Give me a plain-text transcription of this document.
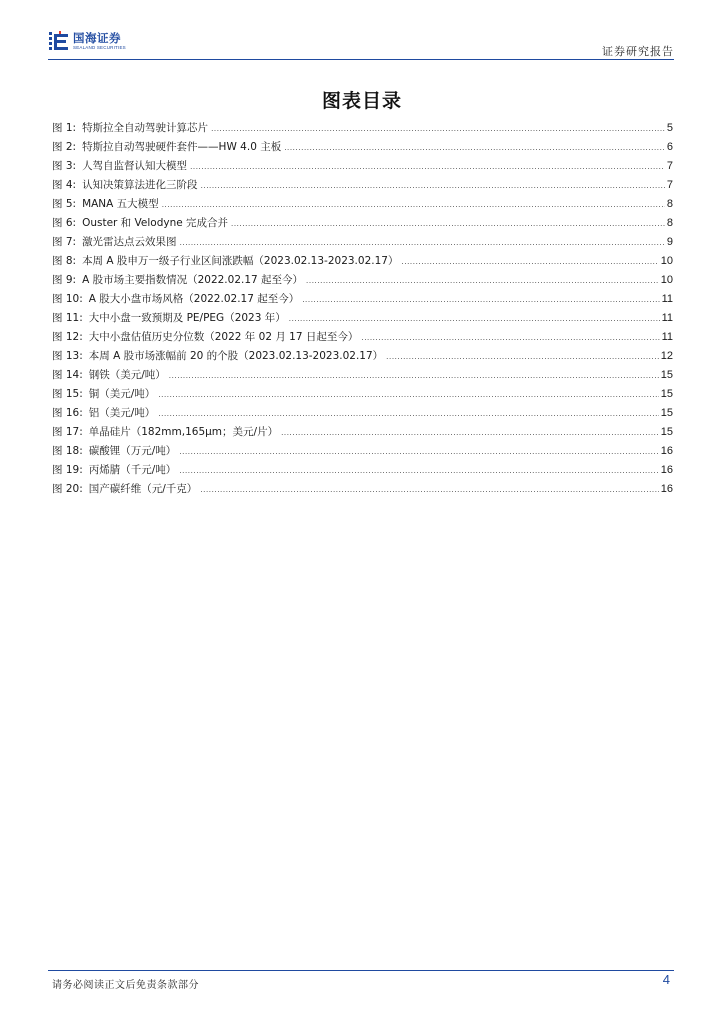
国海证券
SEALAND SECURITIES	证券研究报告
图表目录
图 1: 特斯拉全自动驾驶计算芯片 .....	5
图 2: 特斯拉自动驾驶硬件套件——HW 4.0 主板 .....	6
图 3: 人驾自监督认知大模型 .....	7
图 4: 认知决策算法进化三阶段 .....	7
图 5: MANA 五大模型 .....	8
图 6: Ouster 和 Velodyne 完成合并 .....	8
图 7: 激光雷达点云效果图 .....	9
图 8: 本周 A 股申万一级子行业区间涨跌幅（2023.02.13-2023.02.17） .....	10
图 9: A 股市场主要指数情况（2022.02.17 起至今） .....	10
图 10: A 股大小盘市场风格（2022.02.17 起至今） .....	11
图 11: 大中小盘一致预期及 PE/PEG（2023 年） .....	11
图 12: 大中小盘估值历史分位数（2022 年 02 月 17 日起至今） .....	11
图 13: 本周 A 股市场涨幅前 20 的个股（2023.02.13-2023.02.17） .....	12
图 14: 钢铁（美元/吨） .....	15
图 15: 铜（美元/吨） .....	15
图 16: 铝（美元/吨） .....	15
图 17: 单晶硅片（182mm,165μm；美元/片） .....	15
图 18: 碳酸锂（万元/吨） .....	16
图 19: 丙烯腈（千元/吨） .....	16
图 20: 国产碳纤维（元/千克） .....	16
请务必阅读正文后免责条款部分	4
